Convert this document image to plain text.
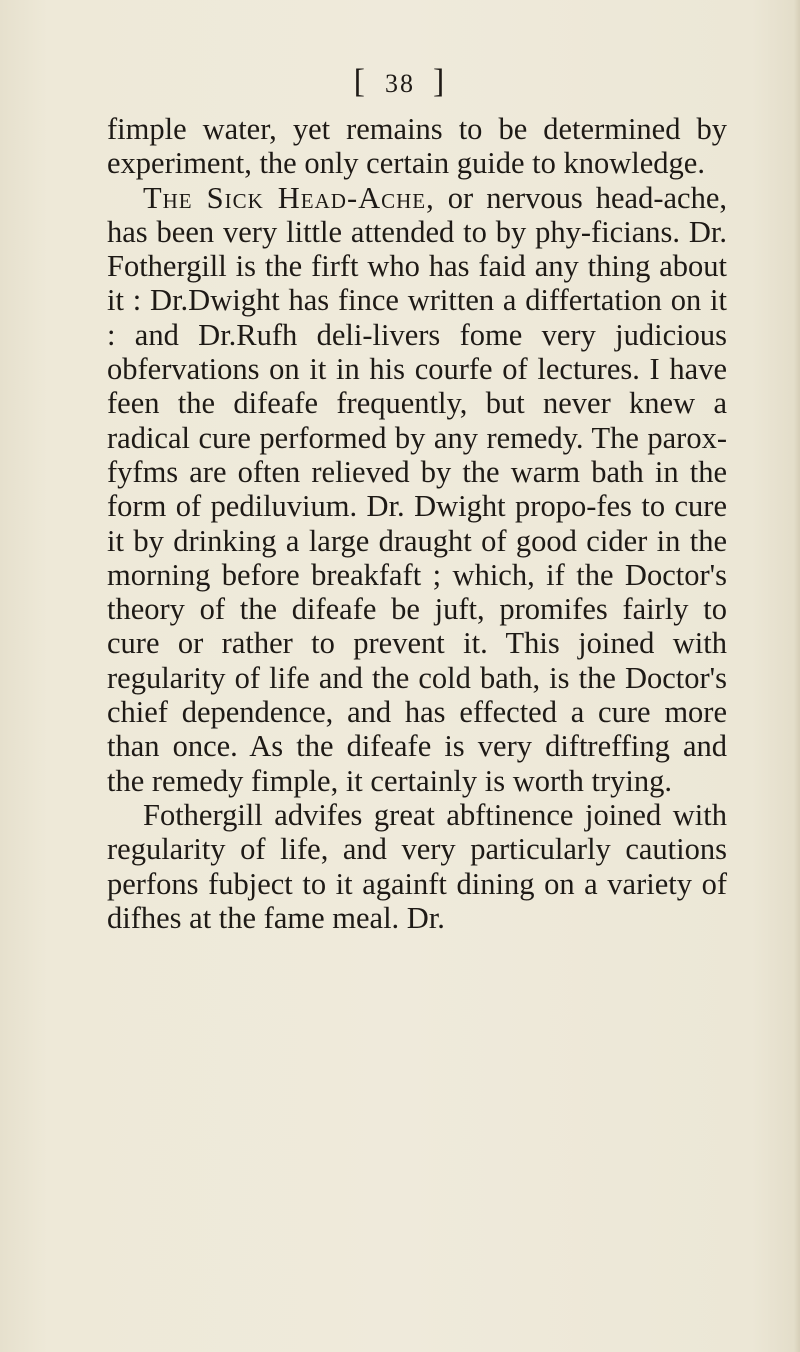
[ 38 ]

fimple water, yet remains to be determined by experiment, the only certain guide to knowledge.

The Sick Head-Ache, or nervous head-ache, has been very little attended to by phy-ficians. Dr. Fothergill is the firft who has faid any thing about it : Dr.Dwight has fince written a differtation on it : and Dr.Rufh deli-livers fome very judicious obfervations on it in his courfe of lectures. I have feen the difeafe frequently, but never knew a radical cure performed by any remedy. The parox-fyfms are often relieved by the warm bath in the form of pediluvium. Dr. Dwight propo-fes to cure it by drinking a large draught of good cider in the morning before breakfaft ; which, if the Doctor's theory of the difeafe be juft, promifes fairly to cure or rather to prevent it. This joined with regularity of life and the cold bath, is the Doctor's chief dependence, and has effected a cure more than once. As the difeafe is very diftreffing and the remedy fimple, it certainly is worth trying.

Fothergill advifes great abftinence joined with regularity of life, and very particularly cautions perfons fubject to it againft dining on a variety of difhes at the fame meal. Dr.
